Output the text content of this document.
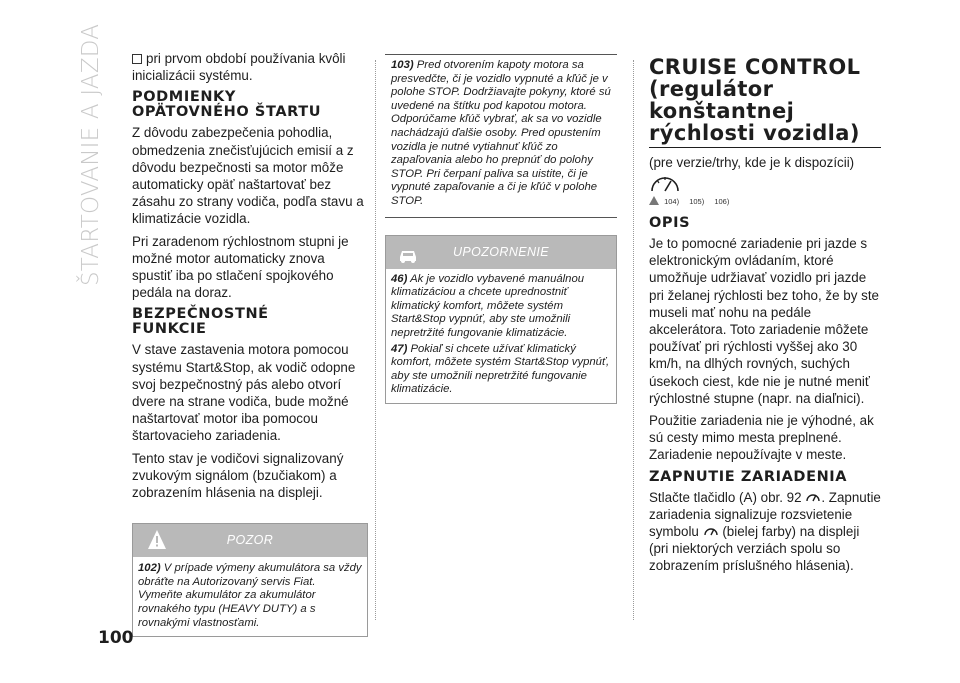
ŠTARTOVANIE A JAZDA	pri prvom období používania kvôli inicializácii systému.

PODMIENKY
OPÄTOVNÉHO ŠTARTU

Z dôvodu zabezpečenia pohodlia, obmedzenia znečisťujúcich emisií a z dôvodu bezpečnosti sa motor môže automaticky opäť naštartovať bez zásahu zo strany vodiča, podľa stavu a klimatizácie vozidla.

Pri zaradenom rýchlostnom stupni je možné motor automaticky znova spustiť iba po stlačení spojkového pedála na doraz.

BEZPEČNOSTNÉ
FUNKCIE

V stave zastavenia motora pomocou systému Start&Stop, ak vodič odopne svoj bezpečnostný pás alebo otvorí dvere na strane vodiča, bude možné naštartovať motor iba pomocou štartovacieho zariadenia.

Tento stav je vodičovi signalizovaný zvukovým signálom (bzučiakom) a zobrazením hlásenia na displeji.

POZOR

102) V prípade výmeny akumulátora sa vždy obráťte na Autorizovaný servis Fiat. Vymeňte akumulátor za akumulátor rovnakého typu (HEAVY DUTY) a s rovnakými vlastnosťami.

103) Pred otvorením kapoty motora sa presvedčte, či je vozidlo vypnuté a kľúč je v polohe STOP. Dodržiavajte pokyny, ktoré sú uvedené na štítku pod kapotou motora. Odporúčame kľúč vybrať, ak sa vo vozidle nachádzajú ďalšie osoby. Pred opustením vozidla je nutné vytiahnuť kľúč zo zapaľovania alebo ho prepnúť do polohy STOP. Pri čerpaní paliva sa uistite, či je vypnuté zapaľovanie a či je kľúč v polohe STOP.

UPOZORNENIE

46) Ak je vozidlo vybavené manuálnou klimatizáciou a chcete uprednostniť klimatický komfort, môžete systém Start&Stop vypnúť, aby ste umožnili nepretržité fungovanie klimatizácie.

47) Pokiaľ si chcete užívať klimatický komfort, môžete systém Start&Stop vypnúť, aby ste umožnili nepretržité fungovanie klimatizácie.

CRUISE CONTROL
(regulátor
konštantnej
rýchlosti vozidla)

(pre verzie/trhy, kde je k dispozícii)

104) 105) 106)
OPIS

Je to pomocné zariadenie pri jazde s elektronickým ovládaním, ktoré umožňuje udržiavať vozidlo pri jazde pri želanej rýchlosti bez toho, že by ste museli mať nohu na pedále akcelerátora. Toto zariadenie môžete používať pri rýchlosti vyššej ako 30 km/h, na dlhých rovných, suchých úsekoch ciest, kde nie je nutné meniť rýchlostné stupne (napr. na diaľnici).

Použitie zariadenia nie je výhodné, ak sú cesty mimo mesta preplnené. Zariadenie nepoužívajte v meste.

ZAPNUTIE ZARIADENIA

Stlačte tlačidlo (A) obr. 92 . Zapnutie zariadenia signalizuje rozsvietenie symbolu (bielej farby) na displeji (pri niektorých verziách spolu so zobrazením príslušného hlásenia).

100
